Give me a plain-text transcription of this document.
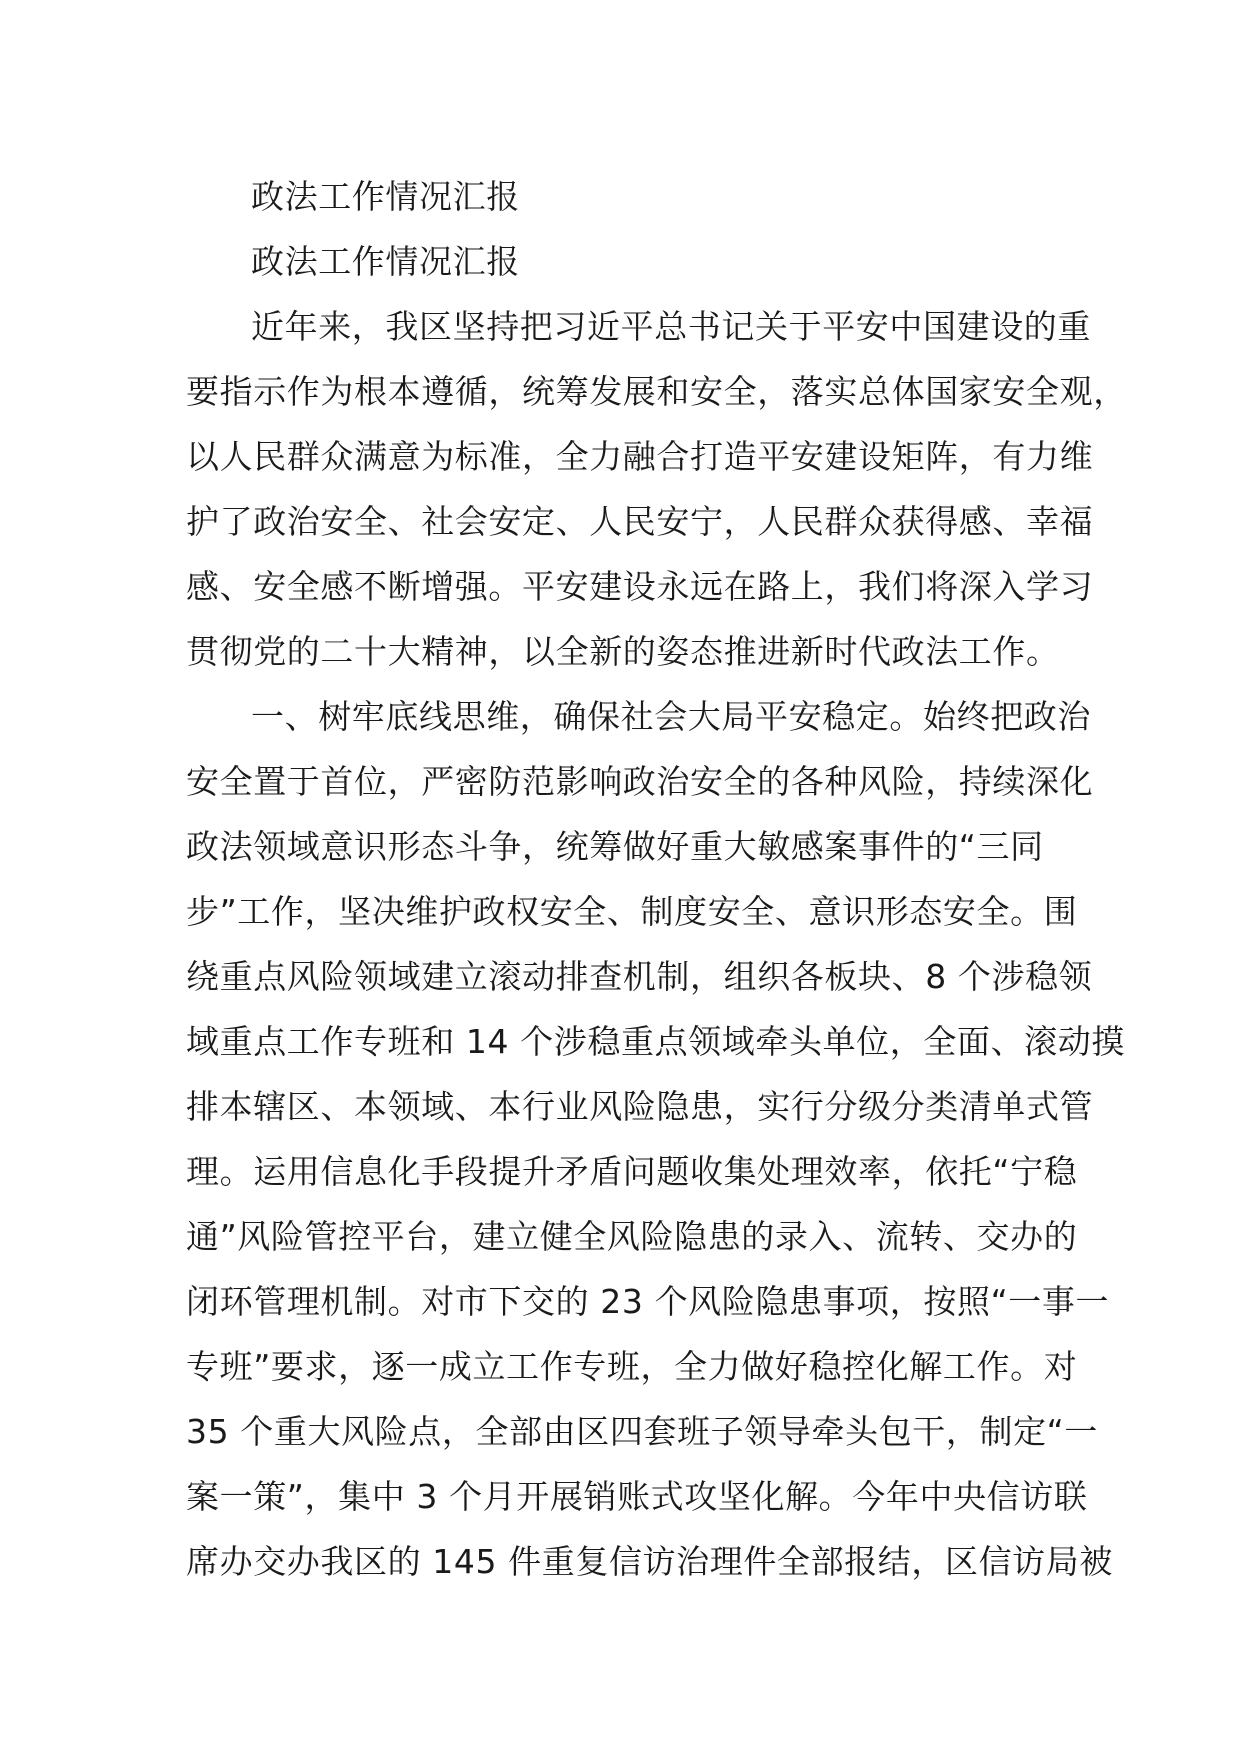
政法工作情况汇报
政法工作情况汇报
近年来，我区坚持把习近平总书记关于平安中国建设的重
要指示作为根本遵循，统筹发展和安全，落实总体国家安全观，
以人民群众满意为标准，全力融合打造平安建设矩阵，有力维
护了政治安全、社会安定、人民安宁，人民群众获得感、幸福
感、安全感不断增强。平安建设永远在路上，我们将深入学习
贯彻党的二十大精神，以全新的姿态推进新时代政法工作。
一、树牢底线思维，确保社会大局平安稳定。始终把政治
安全置于首位，严密防范影响政治安全的各种风险，持续深化
政法领域意识形态斗争，统筹做好重大敏感案事件的“三同
步”工作，坚决维护政权安全、制度安全、意识形态安全。围
绕重点风险领域建立滚动排查机制，组织各板块、8 个涉稳领
域重点工作专班和 14 个涉稳重点领域牵头单位，全面、滚动摸
排本辖区、本领域、本行业风险隐患，实行分级分类清单式管
理。运用信息化手段提升矛盾问题收集处理效率，依托“宁稳
通”风险管控平台，建立健全风险隐患的录入、流转、交办的
闭环管理机制。对市下交的 23 个风险隐患事项，按照“一事一
专班”要求，逐一成立工作专班，全力做好稳控化解工作。对
35 个重大风险点，全部由区四套班子领导牵头包干，制定“一
案一策”，集中 3 个月开展销账式攻坚化解。今年中央信访联
席办交办我区的 145 件重复信访治理件全部报结，区信访局被
